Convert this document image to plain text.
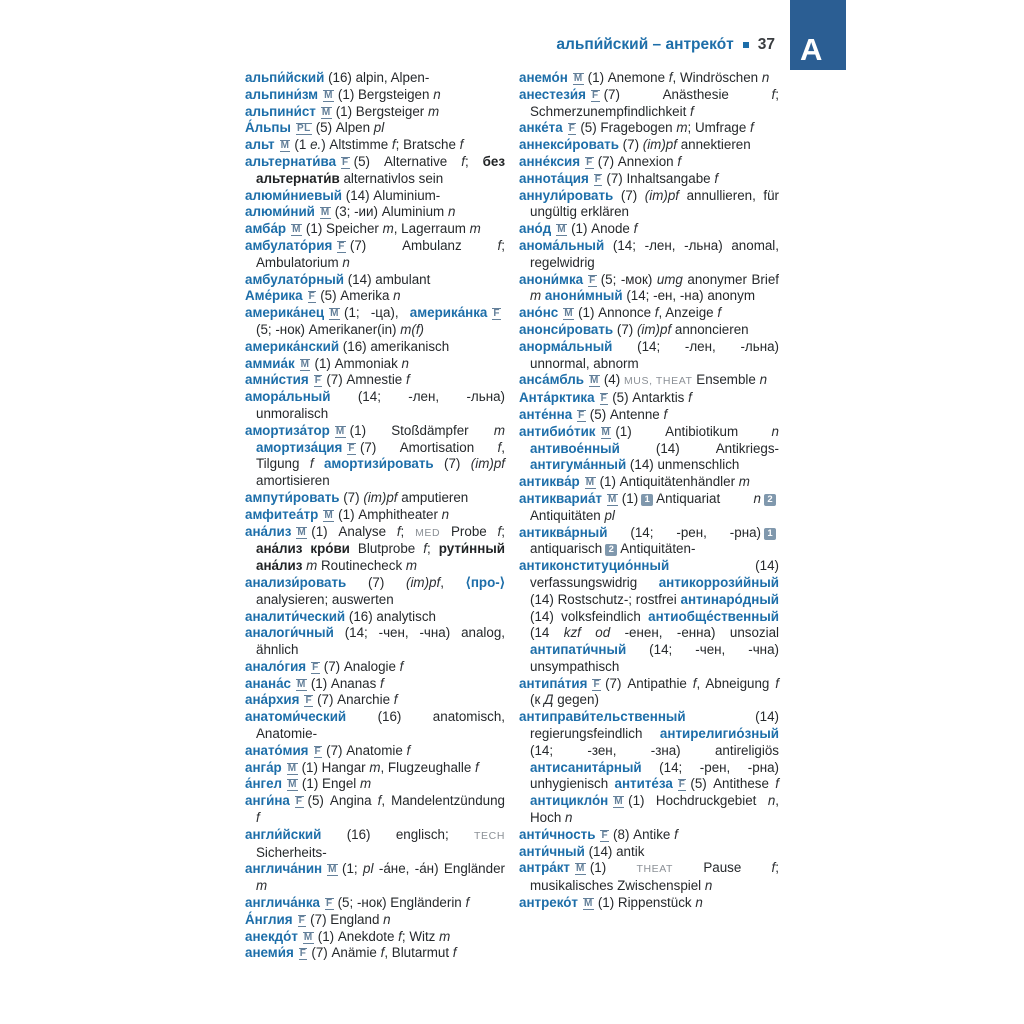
альпи́йский – антреко́т 37 А

альпи́йский (16) alpin, Alpen-

альпини́зм M (1) Bergsteigen n

альпини́ст M (1) Bergsteiger m

А́льпы PL (5) Alpen pl

альт M (1 e.) Altstimme f; Bratsche f

альтернати́ва F (5) Alternative f; без альтернати́в alternativlos sein

алюми́ниевый (14) Aluminium-

алюми́ний M (3; -ии) Aluminium n

амба́р M (1) Speicher m, Lagerraum m

амбулато́рия F (7) Ambulanz f; Ambulatorium n

амбулато́рный (14) ambulant

Аме́рика F (5) Amerika n

америка́нец M (1; -ца), америка́нка F(5; -нок) Amerikaner(in) m(f)

америка́нский (16) amerikanisch

аммиа́к M (1) Ammoniak n

амни́стия F (7) Amnestie f

амора́льный (14; -лен, -льна) unmoralisch

амортиза́тор M (1) Stoßdämpfer m амортиза́ция F (7) Amortisation f, Tilgung f амортизи́ровать (7) (im)pf amortisieren

ампути́ровать (7) (im)pf amputieren

амфитеа́тр M (1) Amphitheater n

ана́лиз M (1) Analyse f; MED Probe f; ана́лиз кро́ви Blutprobe f; рути́нный ана́лиз m Routinecheck m

анализи́ровать (7) (im)pf, ⟨про-⟩ analysieren; auswerten

аналити́ческий (16) analytisch

аналоги́чный (14; -чен, -чна) analog, ähnlich

анало́гия F (7) Analogie f

анана́с M (1) Ananas f

ана́рхия F (7) Anarchie f

анатоми́ческий (16) anatomisch, Anatomie-

анато́мия F (7) Anatomie f

анга́р M (1) Hangar m, Flugzeughalle f

а́нгел M (1) Engel m

анги́на F (5) Angina f, Mandelentzündung f

англи́йский (16) englisch; TECH Sicherheits-

англича́нин M (1; pl -а́не, -а́н) Engländer m

англича́нка F (5; -нок) Engländerin f

А́нглия F (7) England n

анекдо́т M (1) Anekdote f; Witz m

анеми́я F (7) Anämie f, Blutarmut f

анемо́н M (1) Anemone f, Windröschen n

анестези́я F (7) Anästhesie f; Schmerzunempfindlichkeit f

анке́та F (5) Fragebogen m; Umfrage f

аннекси́ровать (7) (im)pf annektieren

анне́ксия F (7) Annexion f

аннота́ция F (7) Inhaltsangabe f

аннули́ровать (7) (im)pf annullieren, für ungültig erklären

ано́д M (1) Anode f

анома́льный (14; -лен, -льна) anomal, regelwidrig

анони́мка F (5; -мок) umg anonymer Brief m анони́мный (14; -ен, -на) anonym

ано́нс M (1) Annonce f, Anzeige f

анонси́ровать (7) (im)pf annoncieren

анорма́льный (14; -лен, -льна) unnormal, abnorm

анса́мбль M (4) MUS, THEAT Ensemble n

Анта́рктика F (5) Antarktis f

анте́нна F (5) Antenne f

антибио́тик M (1) Antibiotikum n антивое́нный (14) Antikriegs- антигума́нный (14) unmenschlich

антиква́р M (1) Antiquitätenhändler m

антиквариа́т M (1) 1 Antiquariat n 2Antiquitäten pl

антиква́рный (14; -рен, -рна) 1antiquarisch 2 Antiquitäten-

антиконституцио́нный (14) verfassungswidrig антикоррози́йный (14) Rostschutz-; rostfrei антинаро́дный (14) volksfeindlich антиобще́ственный (14 kzf od -енен, -енна) unsozial антипати́чный (14; -чен, -чна) unsympathisch

антипа́тия F (7) Antipathie f, Abneigung f (к Д gegen)

антиправи́тельственный (14) regierungsfeindlich антирелигио́зный (14; -зен, -зна) antireligiös антисанита́рный (14; -рен, -рна) unhygienisch антите́за F (5) Antithese f антицикло́н M (1) Hochdruckgebiet n, Hoch n

анти́чность F (8) Antike f

анти́чный (14) antik

антра́кт M (1) THEAT Pause f; musikalisches Zwischenspiel n

антреко́т M (1) Rippenstück n
